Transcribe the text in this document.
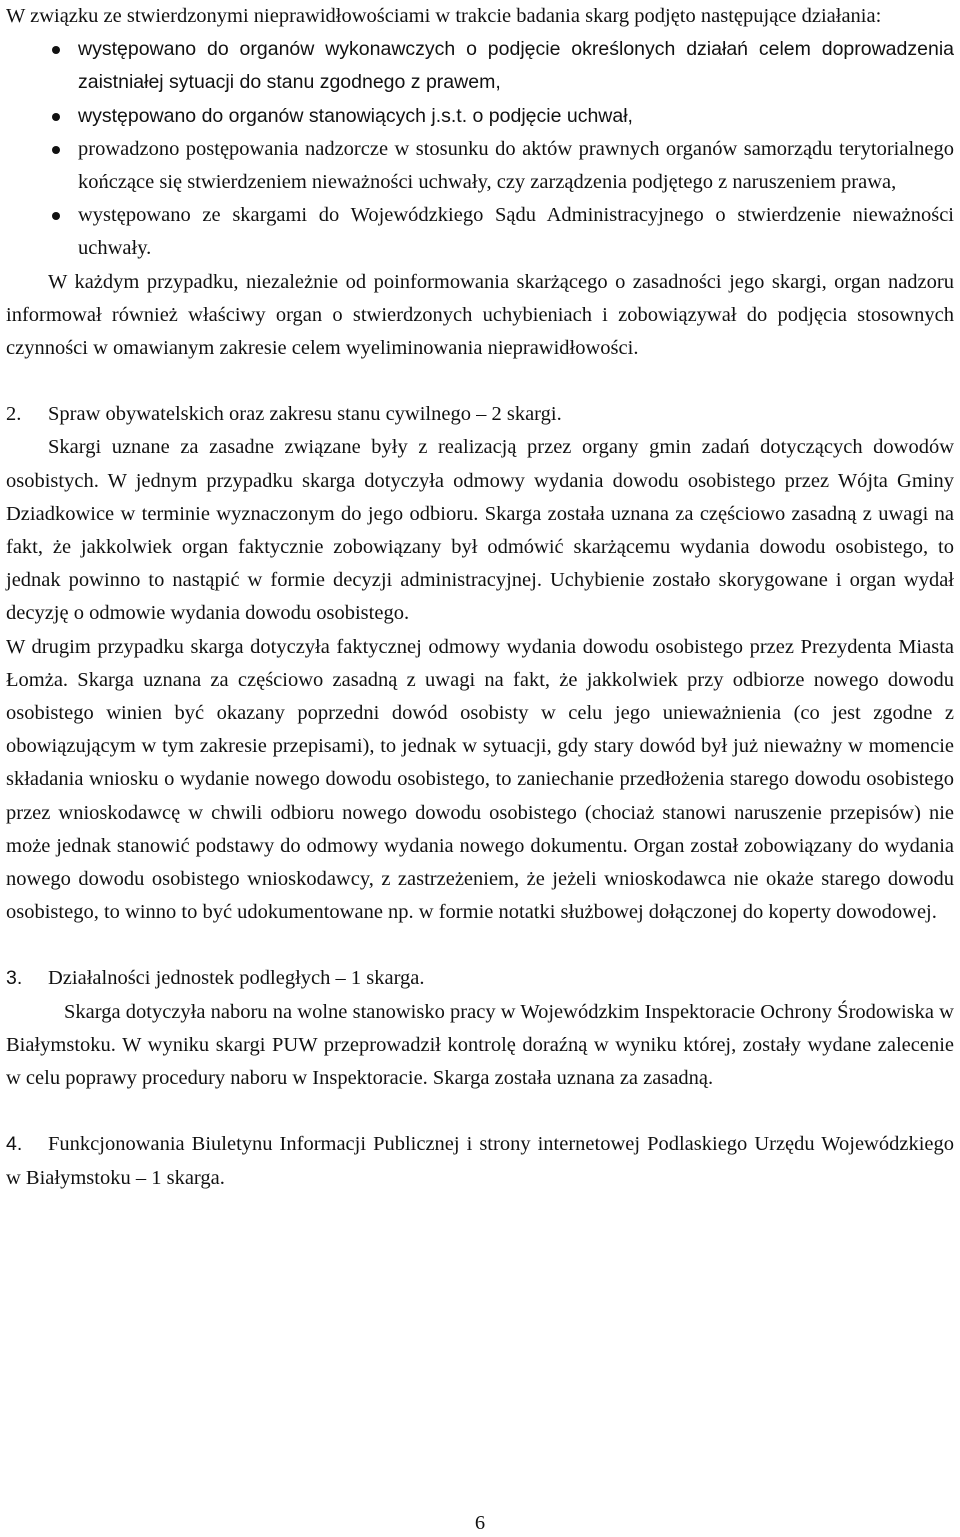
W związku ze stwierdzonymi nieprawidłowościami w trakcie badania skarg podjęto następujące działania:

występowano do organów wykonawczych o podjęcie określonych działań celem doprowadzenia zaistniałej sytuacji do stanu zgodnego z prawem,
występowano do organów stanowiących j.s.t. o podjęcie uchwał,
prowadzono postępowania nadzorcze w stosunku do aktów prawnych organów samorządu terytorialnego kończące się stwierdzeniem nieważności uchwały, czy zarządzenia podjętego z naruszeniem prawa,
występowano ze skargami do Wojewódzkiego Sądu Administracyjnego o stwierdzenie nieważności uchwały.

W każdym przypadku, niezależnie od poinformowania skarżącego o zasadności jego skargi, organ nadzoru informował również właściwy organ o stwierdzonych uchybieniach i zobowiązywał do podjęcia stosownych czynności w omawianym zakresie celem wyeliminowania nieprawidłowości.

2.	Spraw obywatelskich oraz zakresu stanu cywilnego – 2 skargi.

Skargi uznane za zasadne związane były z realizacją przez organy gmin zadań dotyczących dowodów osobistych. W jednym przypadku skarga dotyczyła odmowy wydania dowodu osobistego przez Wójta Gminy Dziadkowice w terminie wyznaczonym do jego odbioru. Skarga została uznana za częściowo zasadną z uwagi na fakt, że jakkolwiek organ faktycznie zobowiązany był odmówić skarżącemu wydania dowodu osobistego, to jednak powinno to nastąpić w formie decyzji administracyjnej. Uchybienie zostało skorygowane i organ wydał decyzję o odmowie wydania dowodu osobistego.

W drugim przypadku skarga dotyczyła faktycznej odmowy wydania dowodu osobistego przez Prezydenta Miasta Łomża. Skarga uznana za częściowo zasadną z uwagi na fakt, że jakkolwiek przy odbiorze nowego dowodu osobistego winien być okazany poprzedni dowód osobisty w celu jego unieważnienia (co jest zgodne z obowiązującym w tym zakresie przepisami), to jednak w sytuacji, gdy stary dowód był już nieważny w momencie składania wniosku o wydanie nowego dowodu osobistego, to zaniechanie przedłożenia starego dowodu osobistego przez wnioskodawcę w chwili odbioru nowego dowodu osobistego (chociaż stanowi naruszenie przepisów) nie może jednak stanowić podstawy do odmowy wydania nowego dokumentu. Organ został zobowiązany do wydania nowego dowodu osobistego wnioskodawcy, z zastrzeżeniem, że jeżeli wnioskodawca nie okaże starego dowodu osobistego, to winno to być udokumentowane np. w formie notatki służbowej dołączonej do koperty dowodowej.

3.	Działalności jednostek podległych – 1 skarga.

Skarga dotyczyła naboru na wolne stanowisko pracy w Wojewódzkim Inspektoracie Ochrony Środowiska w Białymstoku. W wyniku skargi PUW przeprowadził kontrolę doraźną w wyniku której, zostały wydane zalecenie w celu poprawy procedury naboru w Inspektoracie. Skarga została uznana za zasadną.

4. Funkcjonowania Biuletynu Informacji Publicznej i strony internetowej Podlaskiego Urzędu Wojewódzkiego w Białymstoku – 1 skarga.

6
